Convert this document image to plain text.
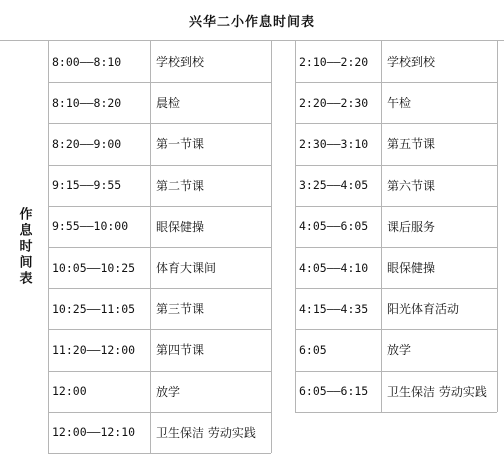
兴华二小作息时间表
作息时间表
8:00——8:10	学校到校
8:10——8:20	晨检
8:20——9:00	第一节课
9:15——9:55	第二节课
9:55——10:00	眼保健操
10:05——10:25	体育大课间
10:25——11:05	第三节课
11:20——12:00	第四节课
12:00	放学
12:00——12:10	卫生保洁 劳动实践
2:10——2:20	学校到校
2:20——2:30	午检
2:30——3:10	第五节课
3:25——4:05	第六节课
4:05——6:05	课后服务
4:05——4:10	眼保健操
4:15——4:35	阳光体育活动
6:05	放学
6:05——6:15	卫生保洁 劳动实践
